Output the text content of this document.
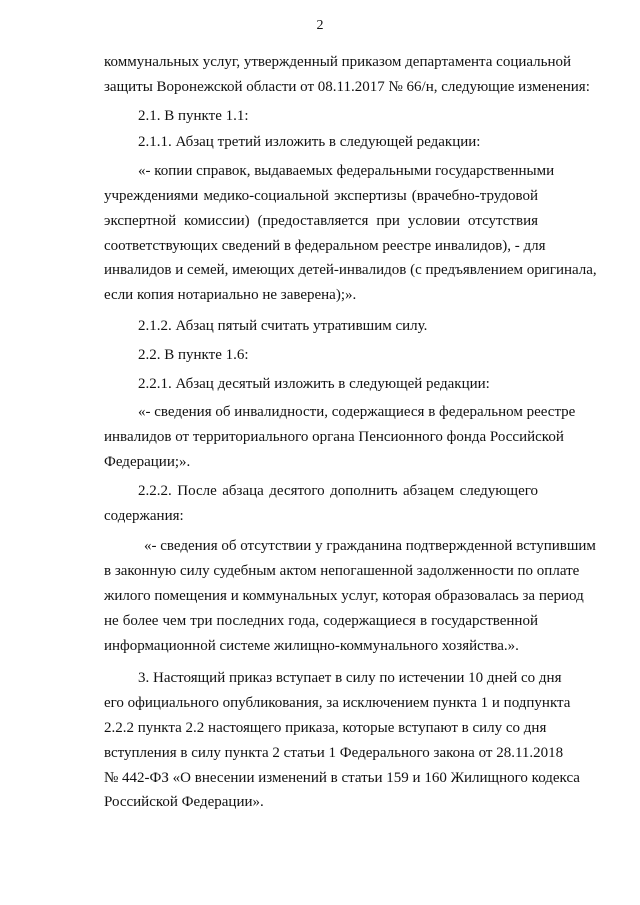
2
коммунальных услуг, утвержденный приказом департамента социальной
защиты Воронежской области от 08.11.2017 № 66/н, следующие изменения:
2.1. В пункте 1.1:
2.1.1. Абзац третий изложить в следующей редакции:
«- копии справок, выдаваемых федеральными государственными
учреждениями медико-социальной экспертизы (врачебно-трудовой
экспертной комиссии) (предоставляется при условии отсутствия
соответствующих сведений в федеральном реестре инвалидов), - для
инвалидов и семей, имеющих детей-инвалидов (с предъявлением оригинала,
если копия нотариально не заверена);».
2.1.2. Абзац пятый считать утратившим силу.
2.2. В пункте 1.6:
2.2.1. Абзац десятый изложить в следующей редакции:
«- сведения об инвалидности, содержащиеся в федеральном реестре
инвалидов от территориального органа Пенсионного фонда Российской
Федерации;».
2.2.2. После абзаца десятого дополнить абзацем следующего
содержания:
«- сведения об отсутствии у гражданина подтвержденной вступившим
в законную силу судебным актом непогашенной задолженности по оплате
жилого помещения и коммунальных услуг, которая образовалась за период
не более чем три последних года, содержащиеся в государственной
информационной системе жилищно-коммунального хозяйства.».
3. Настоящий приказ вступает в силу по истечении 10 дней со дня
его официального опубликования, за исключением пункта 1 и подпункта
2.2.2 пункта 2.2 настоящего приказа, которые вступают в силу со дня
вступления в силу пункта 2 статьи 1 Федерального закона от 28.11.2018
№ 442-ФЗ «О внесении изменений в статьи 159 и 160 Жилищного кодекса
Российской Федерации».
